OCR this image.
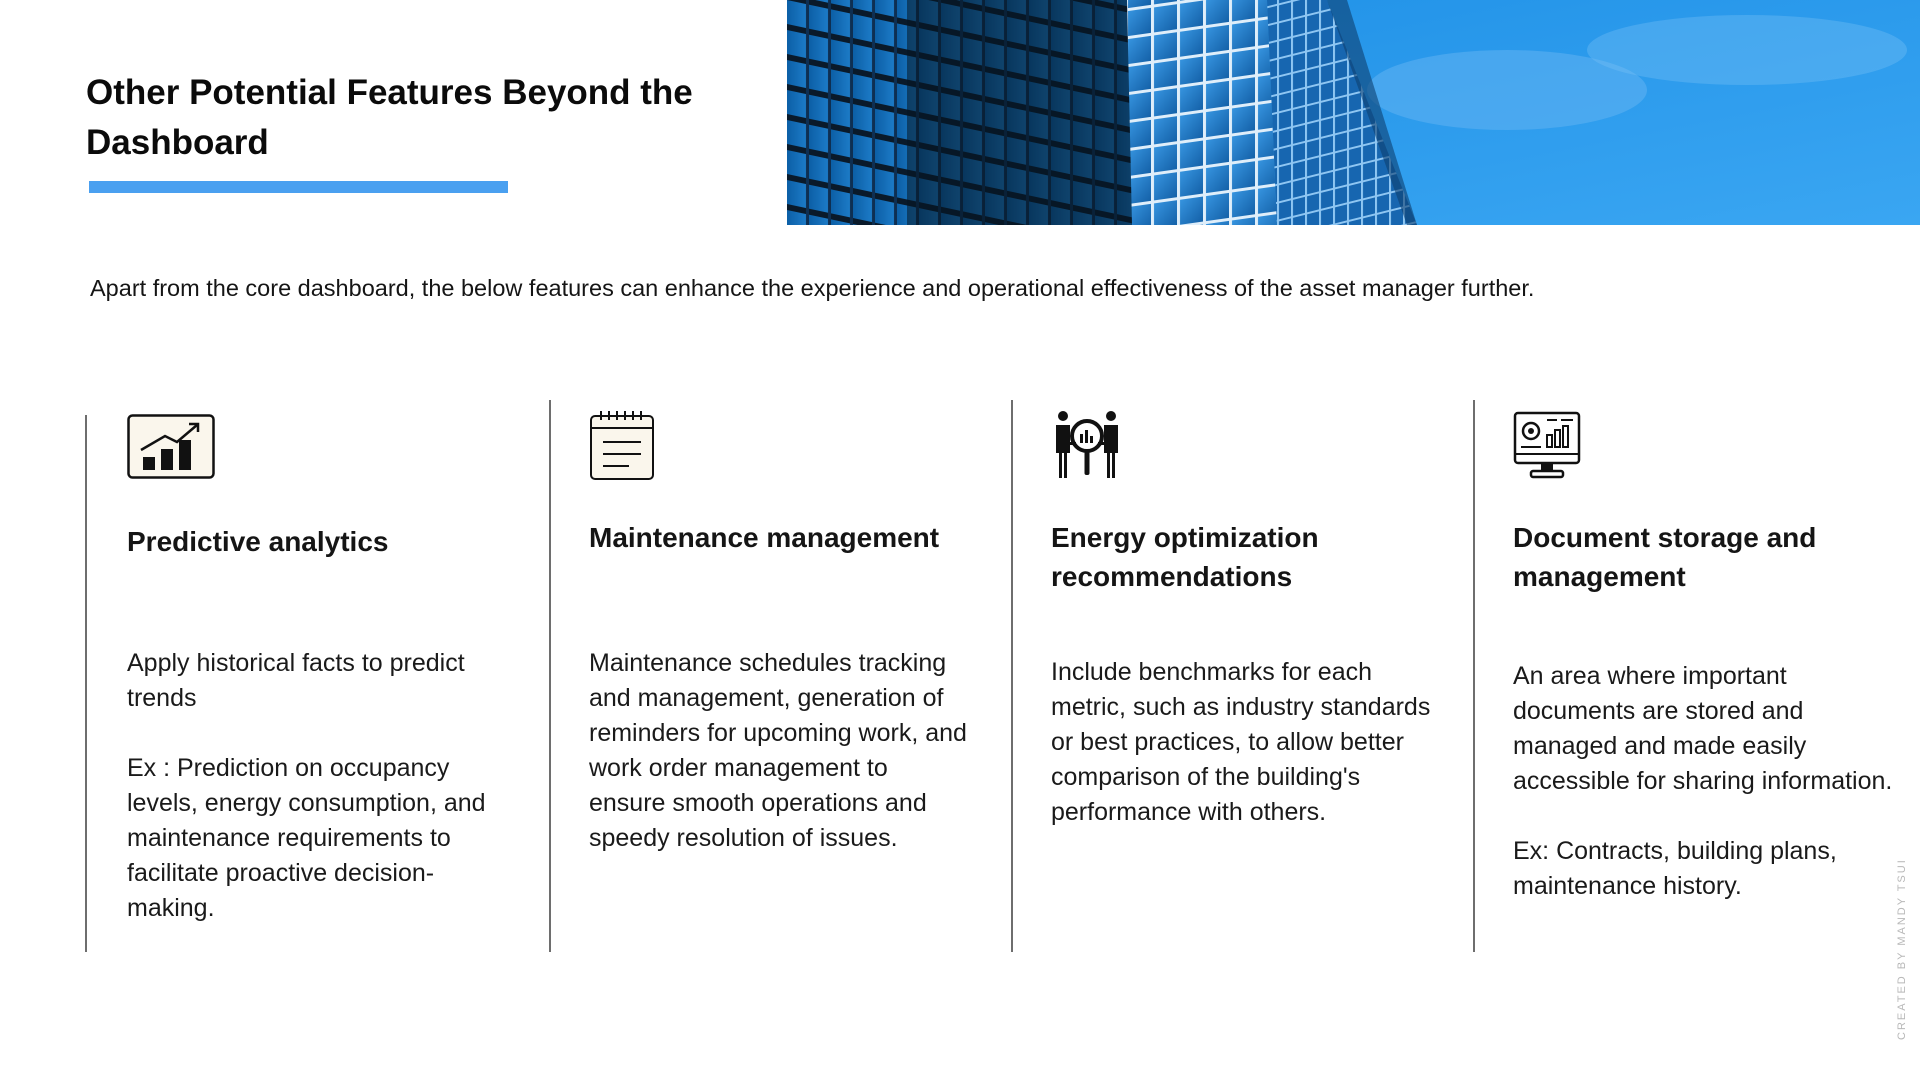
Other Potential Features Beyond the Dashboard

Apart from the core dashboard, the below features can enhance the experience and operational effectiveness of the asset manager further.

Predictive analytics

Apply historical facts to predict trends

Ex : Prediction on occupancy levels, energy consumption, and maintenance requirements to facilitate proactive decision-making.

Maintenance management

Maintenance schedules tracking and management, generation of reminders for upcoming work, and work order management to ensure smooth operations and speedy resolution of issues.

Energy optimization recommendations

Include benchmarks for each metric, such as industry standards or best practices, to allow better comparison of the building's performance with others.

Document storage and management

An area where important documents are stored and managed and made easily accessible for sharing information.

Ex: Contracts, building plans, maintenance history.	CREATED BY MANDY TSUI
